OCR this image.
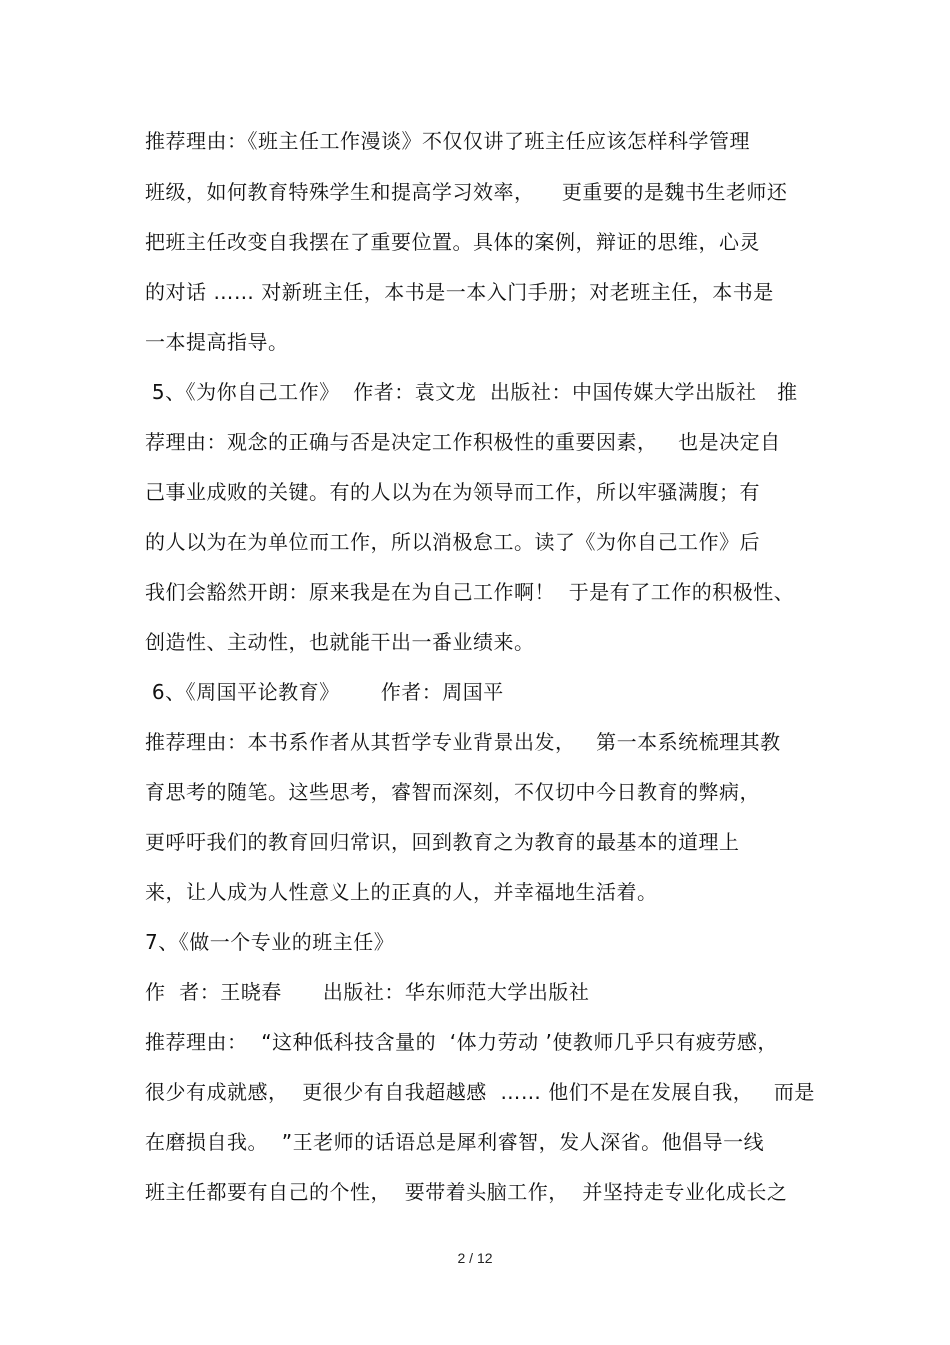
推荐理由：《班主任工作漫谈》不仅仅讲了班主任应该怎样科学管理
班级，如何教育特殊学生和提高学习效率，    更重要的是魏书生老师还
把班主任改变自我摆在了重要位置。具体的案例，辩证的思维，心灵
的对话 …… 对新班主任，本书是一本入门手册；对老班主任，本书是
一本提高指导。
5、《为你自己工作》  作者：袁文龙  出版社：中国传媒大学出版社   推
荐理由：观念的正确与否是决定工作积极性的重要因素，   也是决定自
己事业成败的关键。有的人以为在为领导而工作，所以牢骚满腹；有
的人以为在为单位而工作，所以消极怠工。读了《为你自己工作》后
我们会豁然开朗：原来我是在为自己工作啊！  于是有了工作的积极性、
创造性、主动性，也就能干出一番业绩来。
6、《周国平论教育》      作者：周国平
推荐理由：本书系作者从其哲学专业背景出发，   第一本系统梳理其教
育思考的随笔。这些思考，睿智而深刻，不仅切中今日教育的弊病，
更呼吁我们的教育回归常识，回到教育之为教育的最基本的道理上
来，让人成为人性意义上的正真的人，并幸福地生活着。
7、《做一个专业的班主任》
作  者：王晓春      出版社：华东师范大学出版社
推荐理由：  “这种低科技含量的  ‘体力劳动 ’使教师几乎只有疲劳感，
很少有成就感，  更很少有自我超越感  …… 他们不是在发展自我，   而是
在磨损自我。  ”王老师的话语总是犀利睿智，发人深省。他倡导一线
班主任都要有自己的个性，  要带着头脑工作，  并坚持走专业化成长之
2 / 12
